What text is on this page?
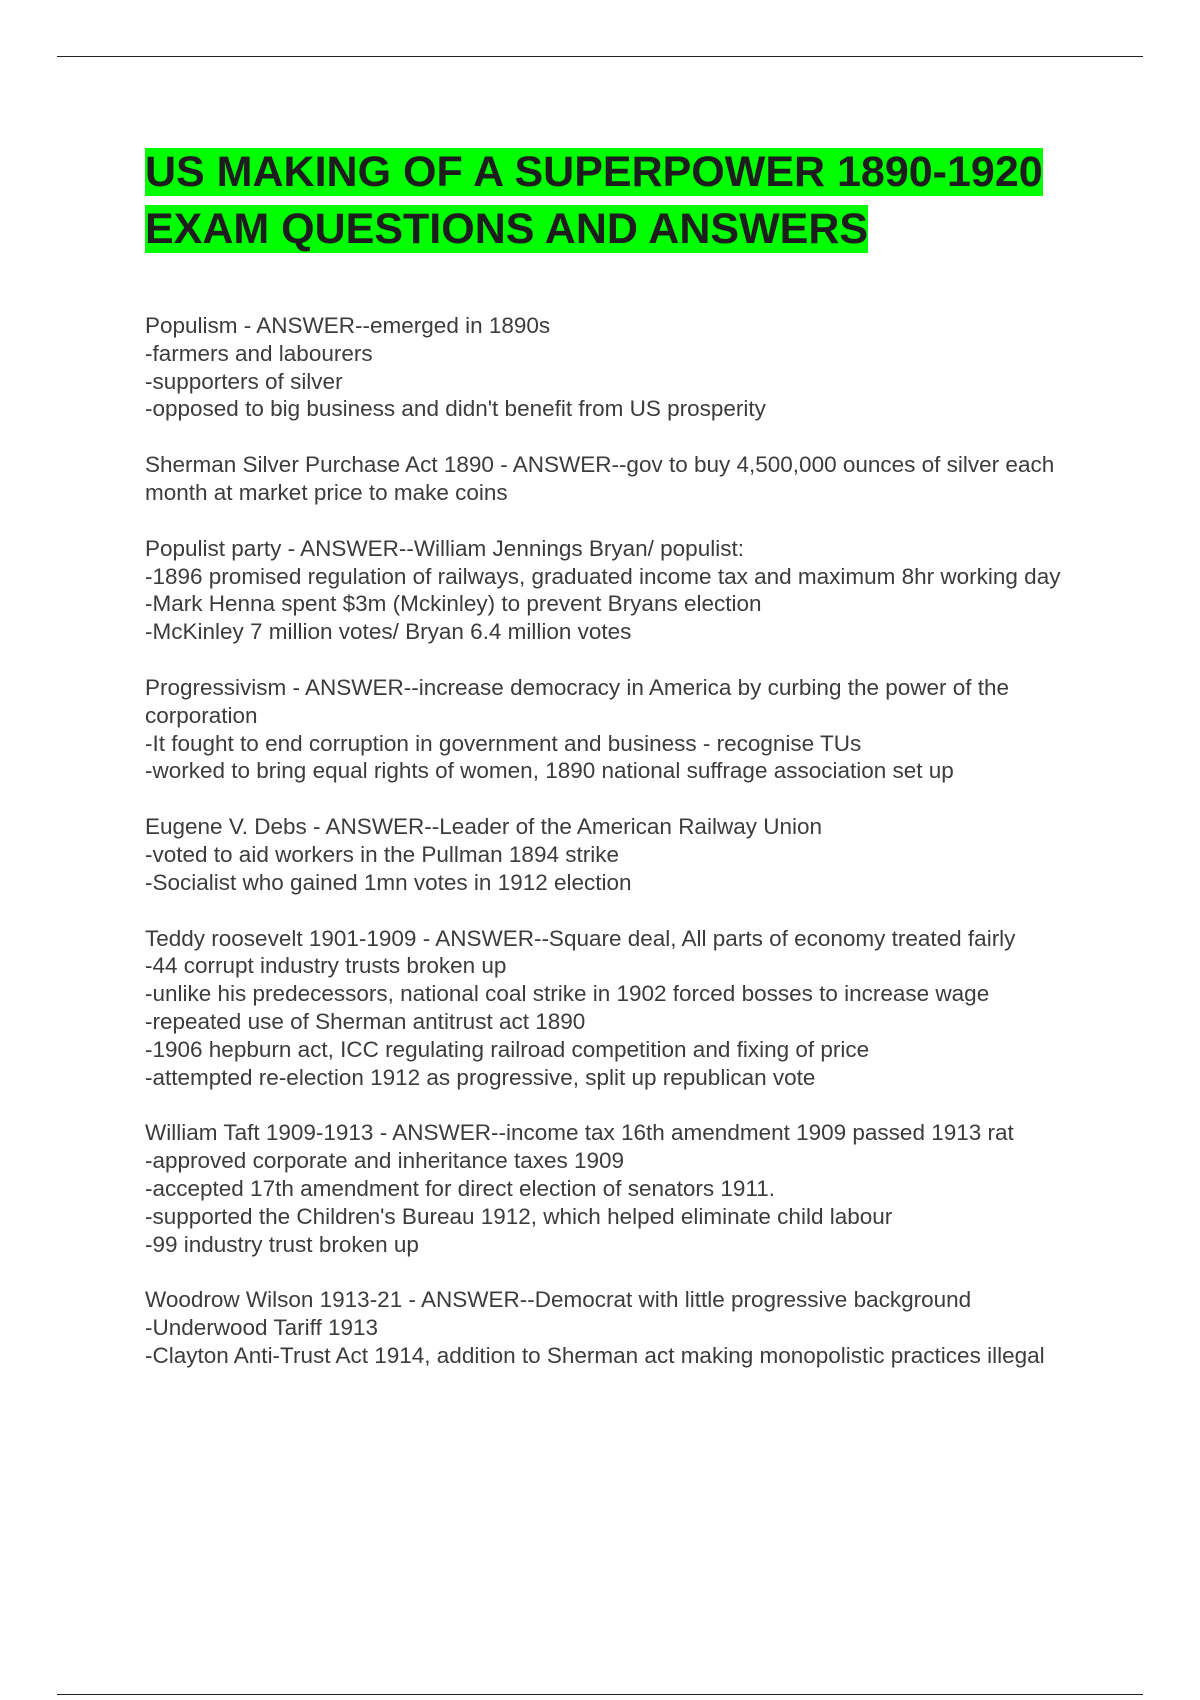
US MAKING OF A SUPERPOWER 1890-1920 EXAM QUESTIONS AND ANSWERS
Populism - ANSWER--emerged in 1890s
-farmers and labourers
-supporters of silver
-opposed to big business and didn't benefit from US prosperity
Sherman Silver Purchase Act 1890 - ANSWER--gov to buy 4,500,000 ounces of silver each month at market price to make coins
Populist party - ANSWER--William Jennings Bryan/ populist:
-1896 promised regulation of railways, graduated income tax and maximum 8hr working day
-Mark Henna spent $3m (Mckinley) to prevent Bryans election
-McKinley 7 million votes/ Bryan 6.4 million votes
Progressivism - ANSWER--increase democracy in America by curbing the power of the corporation
-It fought to end corruption in government and business - recognise TUs
-worked to bring equal rights of women, 1890 national suffrage association set up
Eugene V. Debs - ANSWER--Leader of the American Railway Union
-voted to aid workers in the Pullman 1894 strike
-Socialist who gained 1mn votes in 1912 election
Teddy roosevelt 1901-1909 - ANSWER--Square deal, All parts of economy treated fairly
-44 corrupt industry trusts broken up
-unlike his predecessors, national coal strike in 1902 forced bosses to increase wage
-repeated use of Sherman antitrust act 1890
-1906 hepburn act, ICC regulating railroad competition and fixing of price
-attempted re-election 1912 as progressive, split up republican vote
William Taft 1909-1913 - ANSWER--income tax 16th amendment 1909 passed 1913 rat
-approved corporate and inheritance taxes 1909
-accepted 17th amendment for direct election of senators 1911.
-supported the Children's Bureau 1912, which helped eliminate child labour
-99 industry trust broken up
Woodrow Wilson 1913-21 - ANSWER--Democrat with little progressive background
-Underwood Tariff 1913
-Clayton Anti-Trust Act 1914, addition to Sherman act making monopolistic practices illegal
